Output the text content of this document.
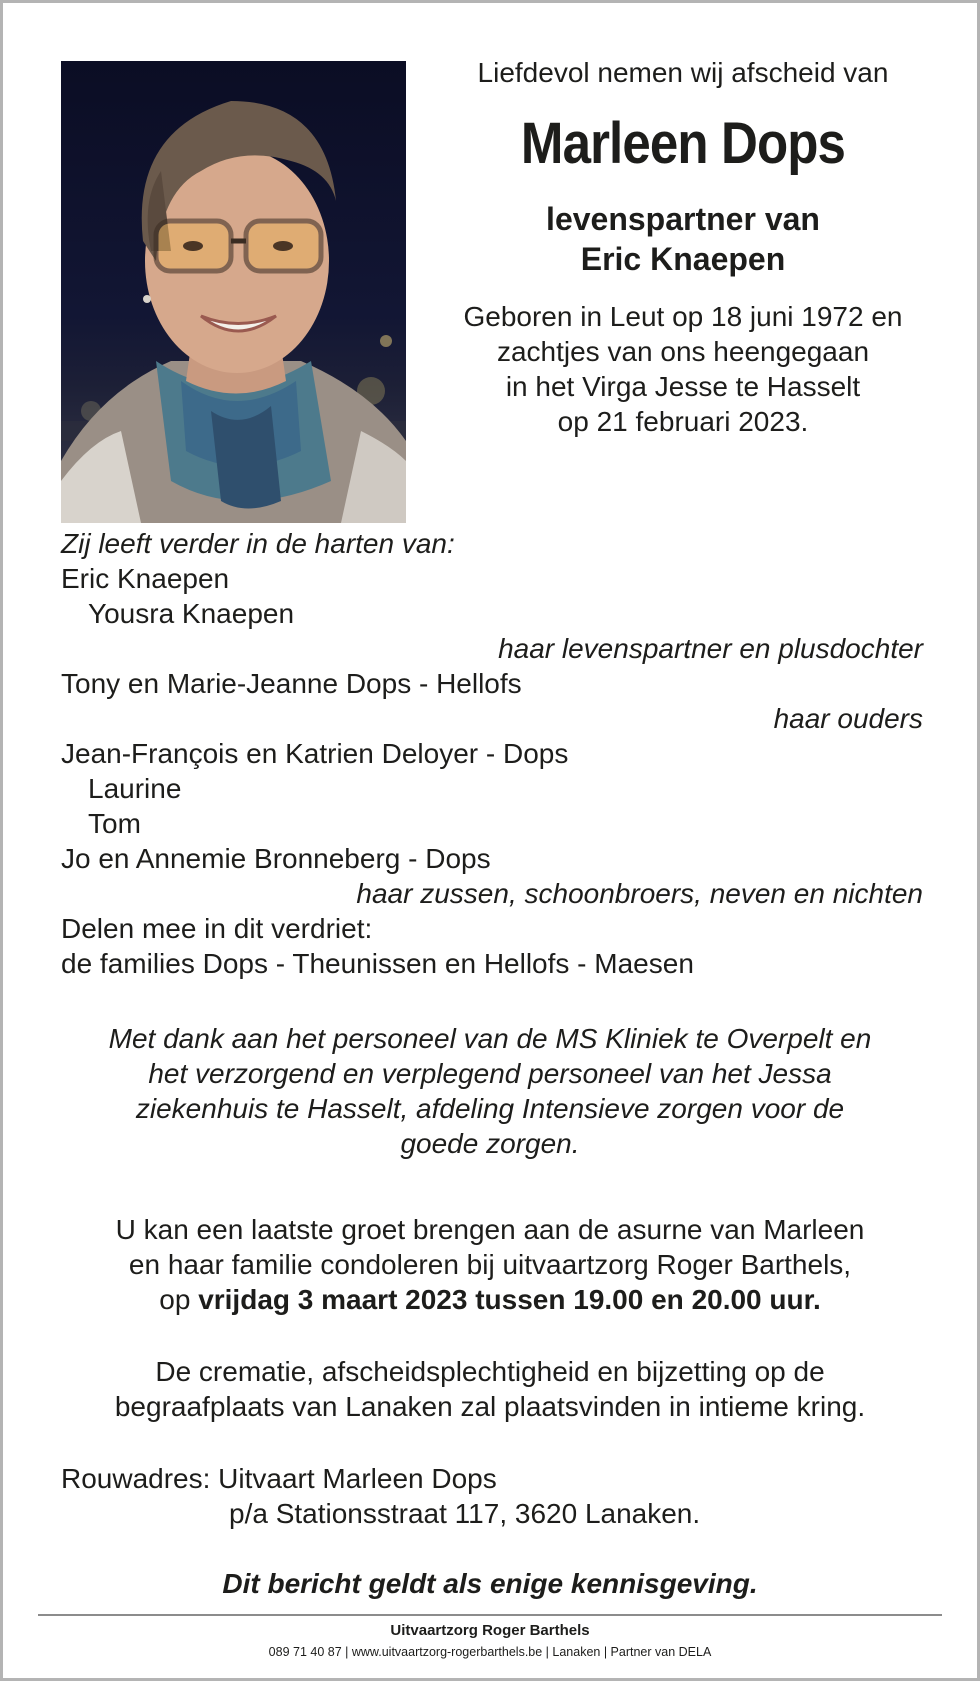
Liefdevol nemen wij afscheid van
Marleen Dops
levenspartner van
Eric Knaepen
Geboren in Leut op 18 juni 1972 en
zachtjes van ons heengegaan
in het Virga Jesse te Hasselt
op 21 februari 2023.
Zij leeft verder in de harten van:
Eric Knaepen
Yousra Knaepen
haar levenspartner en plusdochter
Tony en Marie-Jeanne Dops - Hellofs
haar ouders
Jean-François en Katrien Deloyer - Dops
Laurine
Tom
Jo en Annemie Bronneberg - Dops
haar zussen, schoonbroers, neven en nichten
Delen mee in dit verdriet:
de families Dops - Theunissen en Hellofs - Maesen
Met dank aan het personeel van de MS Kliniek te Overpelt en
het verzorgend en verplegend personeel van het Jessa
ziekenhuis te Hasselt, afdeling Intensieve zorgen voor de
goede zorgen.
U kan een laatste groet brengen aan de asurne van Marleen
en haar familie condoleren bij uitvaartzorg Roger Barthels,
op vrijdag 3 maart 2023 tussen 19.00 en 20.00 uur.
De crematie, afscheidsplechtigheid en bijzetting op de
begraafplaats van Lanaken zal plaatsvinden in intieme kring.
Rouwadres: Uitvaart Marleen Dops
p/a Stationsstraat 117, 3620 Lanaken.
Dit bericht geldt als enige kennisgeving.
Uitvaartzorg Roger Barthels
089 71 40 87 | www.uitvaartzorg-rogerbarthels.be | Lanaken | Partner van DELA
